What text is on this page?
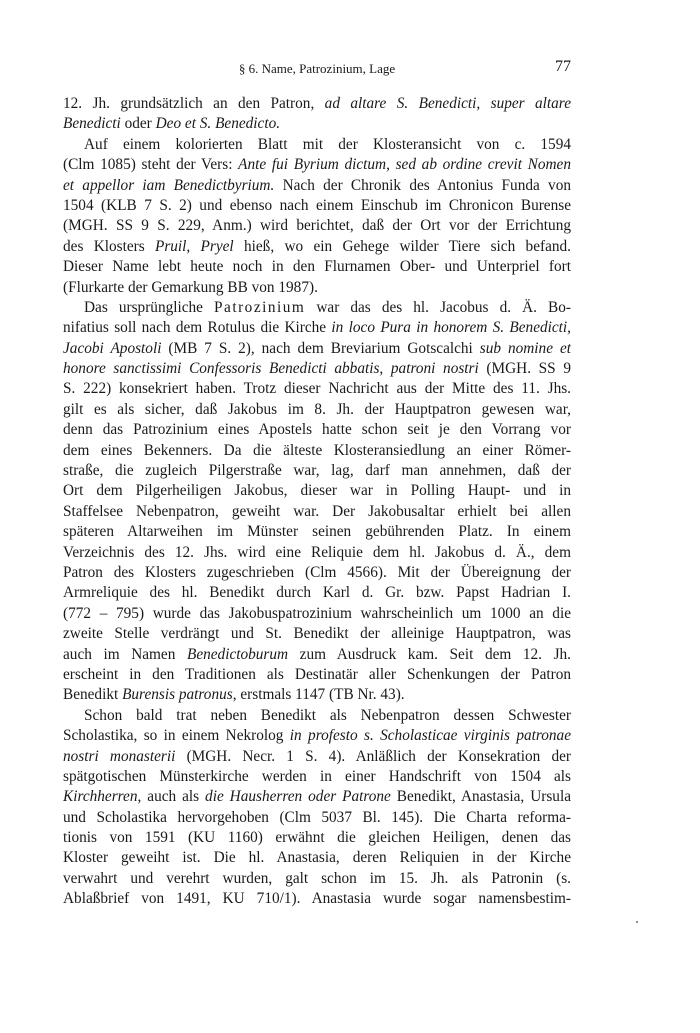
§ 6. Name, Patrozinium, Lage	77
12. Jh. grundsätzlich an den Patron, ad altare S. Benedicti, super altare
Benedicti oder Deo et S. Benedicto.
Auf einem kolorierten Blatt mit der Klosteransicht von c. 1594
(Clm 1085) steht der Vers: Ante fui Byrium dictum, sed ab ordine crevit Nomen
et appellor iam Benedictbyrium. Nach der Chronik des Antonius Funda von
1504 (KLB 7 S. 2) und ebenso nach einem Einschub im Chronicon Burense
(MGH. SS 9 S. 229, Anm.) wird berichtet, daß der Ort vor der Errichtung
des Klosters Pruil, Pryel hieß, wo ein Gehege wilder Tiere sich befand.
Dieser Name lebt heute noch in den Flurnamen Ober- und Unterpriel fort
(Flurkarte der Gemarkung BB von 1987).
Das ursprüngliche Patrozinium war das des hl. Jacobus d. Ä. Bo-
nifatius soll nach dem Rotulus die Kirche in loco Pura in honorem S. Benedicti,
Jacobi Apostoli (MB 7 S. 2), nach dem Breviarium Gotscalchi sub nomine et
honore sanctissimi Confessoris Benedicti abbatis, patroni nostri (MGH. SS 9
S. 222) konsekriert haben. Trotz dieser Nachricht aus der Mitte des 11. Jhs.
gilt es als sicher, daß Jakobus im 8. Jh. der Hauptpatron gewesen war,
denn das Patrozinium eines Apostels hatte schon seit je den Vorrang vor
dem eines Bekenners. Da die älteste Klosteransiedlung an einer Römer-
straße, die zugleich Pilgerstraße war, lag, darf man annehmen, daß der
Ort dem Pilgerheiligen Jakobus, dieser war in Polling Haupt- und in
Staffelsee Nebenpatron, geweiht war. Der Jakobusaltar erhielt bei allen
späteren Altarweihen im Münster seinen gebührenden Platz. In einem
Verzeichnis des 12. Jhs. wird eine Reliquie dem hl. Jakobus d. Ä., dem
Patron des Klosters zugeschrieben (Clm 4566). Mit der Übereignung der
Armreliquie des hl. Benedikt durch Karl d. Gr. bzw. Papst Hadrian I.
(772 – 795) wurde das Jakobuspatrozinium wahrscheinlich um 1000 an die
zweite Stelle verdrängt und St. Benedikt der alleinige Hauptpatron, was
auch im Namen Benedictoburum zum Ausdruck kam. Seit dem 12. Jh.
erscheint in den Traditionen als Destinatär aller Schenkungen der Patron
Benedikt Burensis patronus, erstmals 1147 (TB Nr. 43).
Schon bald trat neben Benedikt als Nebenpatron dessen Schwester
Scholastika, so in einem Nekrolog in profesto s. Scholasticae virginis patronae
nostri monasterii (MGH. Necr. 1 S. 4). Anläßlich der Konsekration der
spätgotischen Münsterkirche werden in einer Handschrift von 1504 als
Kirchherren, auch als die Hausherren oder Patrone Benedikt, Anastasia, Ursula
und Scholastika hervorgehoben (Clm 5037 Bl. 145). Die Charta reforma-
tionis von 1591 (KU 1160) erwähnt die gleichen Heiligen, denen das
Kloster geweiht ist. Die hl. Anastasia, deren Reliquien in der Kirche
verwahrt und verehrt wurden, galt schon im 15. Jh. als Patronin (s.
Ablaßbrief von 1491, KU 710/1). Anastasia wurde sogar namensbestim-
